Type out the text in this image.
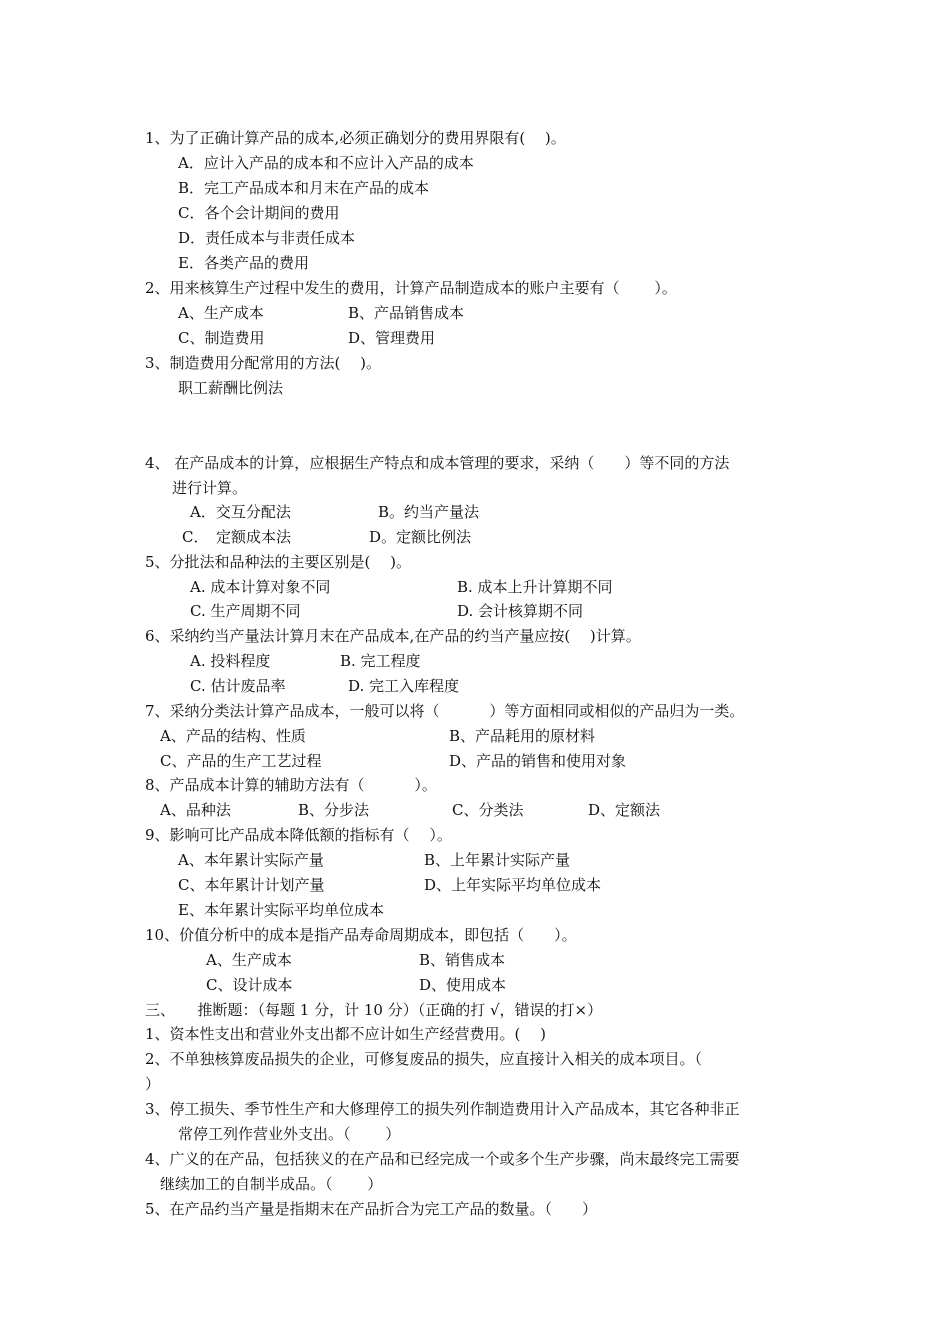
1、为了正确计算产品的成本,必须正确划分的费用界限有(　 )。
A．应计入产品的成本和不应计入产品的成本
B．完工产品成本和月末在产品的成本
C．各个会计期间的费用
D．责任成本与非责任成本
E．各类产品的费用
2、用来核算生产过程中发生的费用，计算产品制造成本的账户主要有（　　 ）。
A、生产成本	B、产品销售成本
C、制造费用	D、管理费用
3、制造费用分配常用的方法(　 )。
职工薪酬比例法
4、 在产品成本的计算，应根据生产特点和成本管理的要求，采纳（　　）等不同的方法
进行计算。
A．交互分配法	B。约当产量法
C．　定额成本法	D。定额比例法
5、分批法和品种法的主要区别是(　 )。
A. 成本计算对象不同	B. 成本上升计算期不同
C. 生产周期不同	D. 会计核算期不同
6、采纳约当产量法计算月末在产品成本,在产品的约当产量应按(　 )计算。
A. 投料程度	B. 完工程度
C. 估计废品率	D. 完工入库程度
7、采纳分类法计算产品成本，一般可以将（　　　 ）等方面相同或相似的产品归为一类。
A、产品的结构、性质	B、产品耗用的原材料
C、产品的生产工艺过程	D、产品的销售和使用对象
8、产品成本计算的辅助方法有（　　　 ）。
A、品种法	B、分步法	C、分类法	D、定额法
9、影响可比产品成本降低额的指标有（　 ）。
A、本年累计实际产量	B、上年累计实际产量
C、本年累计计划产量	D、上年实际平均单位成本
E、本年累计实际平均单位成本
10、价值分析中的成本是指产品寿命周期成本，即包括（　　）。
A、生产成本	B、销售成本
C、设计成本	D、使用成本
三、　　推断题：（每题 1 分，计 10 分）（正确的打 √，错误的打×）
1、资本性支出和营业外支出都不应计如生产经营费用。(　 )
2、不单独核算废品损失的企业，可修复废品的损失，应直接计入相关的成本项目。（
）
3、停工损失、季节性生产和大修理停工的损失列作制造费用计入产品成本，其它各种非正
常停工列作营业外支出。（　　 ）
4、广义的在产品，包括狭义的在产品和已经完成一个或多个生产步骤，尚末最终完工需要
继续加工的自制半成品。（　　 ）
5、在产品约当产量是指期末在产品折合为完工产品的数量。（　　）
